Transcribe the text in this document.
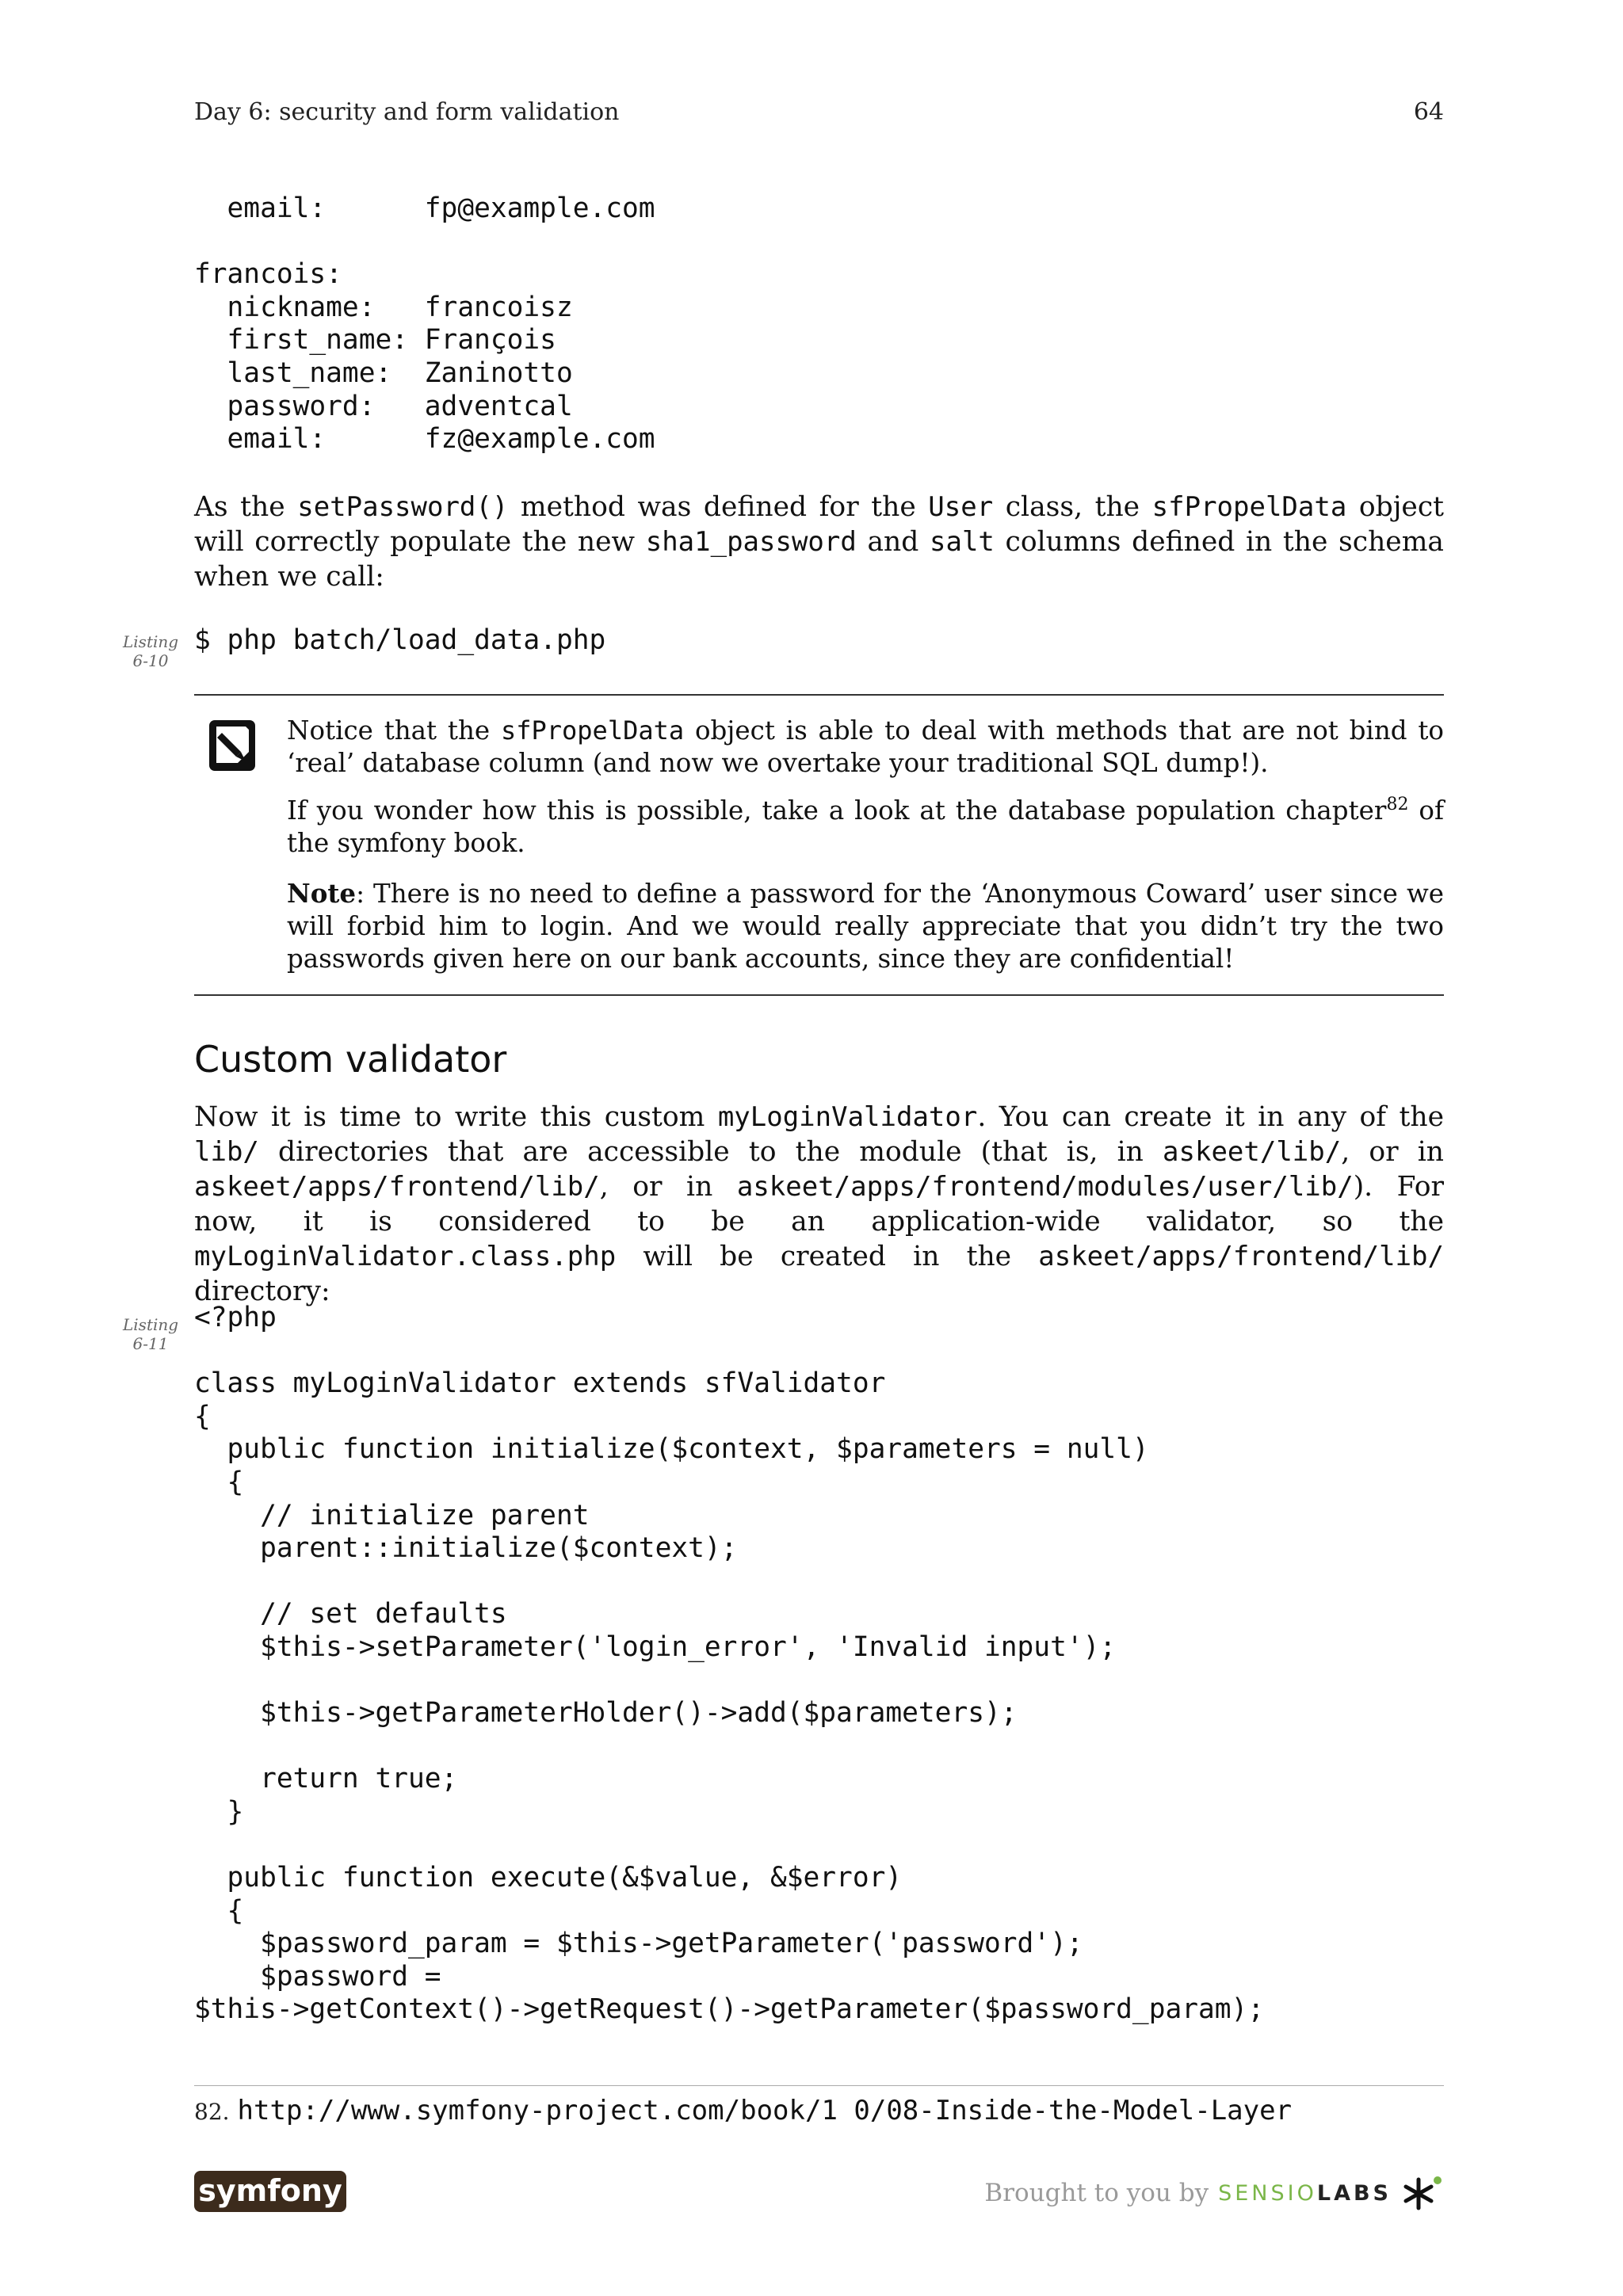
Day 6: security and form validation	64
email:      fp@example.com

francois:
nickname:   francoisz
first_name: François
last_name:  Zaninotto
password:   adventcal
email:      fz@example.com
As the setPassword() method was defined for the User class, the sfPropelData object will correctly populate the new sha1_password and salt columns defined in the schema when we call:
Listing
6-10
$ php batch/load_data.php
Notice that the sfPropelData object is able to deal with methods that are not bind to ‘real’ database column (and now we overtake your traditional SQL dump!).
If you wonder how this is possible, take a look at the database population chapter$^{82}$ of the symfony book.
Note: There is no need to define a password for the ‘Anonymous Coward’ user since we will forbid him to login. And we would really appreciate that you didn’t try the two passwords given here on our bank accounts, since they are confidential!
Custom validator
Now it is time to write this custom myLoginValidator. You can create it in any of the lib/ directories that are accessible to the module (that is, in askeet/lib/, or in askeet/apps/frontend/lib/, or in askeet/apps/frontend/modules/user/lib/). For now, it is considered to be an application-wide validator, so the myLoginValidator.class.php will be created in the askeet/apps/frontend/lib/ directory:
Listing
6-11
<?php

class myLoginValidator extends sfValidator
{
public function initialize($context, $parameters = null)
{
// initialize parent
parent::initialize($context);

// set defaults
$this->setParameter('login_error', 'Invalid input');

$this->getParameterHolder()->add($parameters);

return true;
}

public function execute(&$value, &$error)
{
$password_param = $this->getParameter('password');
$password =
$this->getContext()->getRequest()->getParameter($password_param);
82. http://www.symfony-project.com/book/1 0/08-Inside-the-Model-Layer
symfony	Brought to you by SENSIO LABS
